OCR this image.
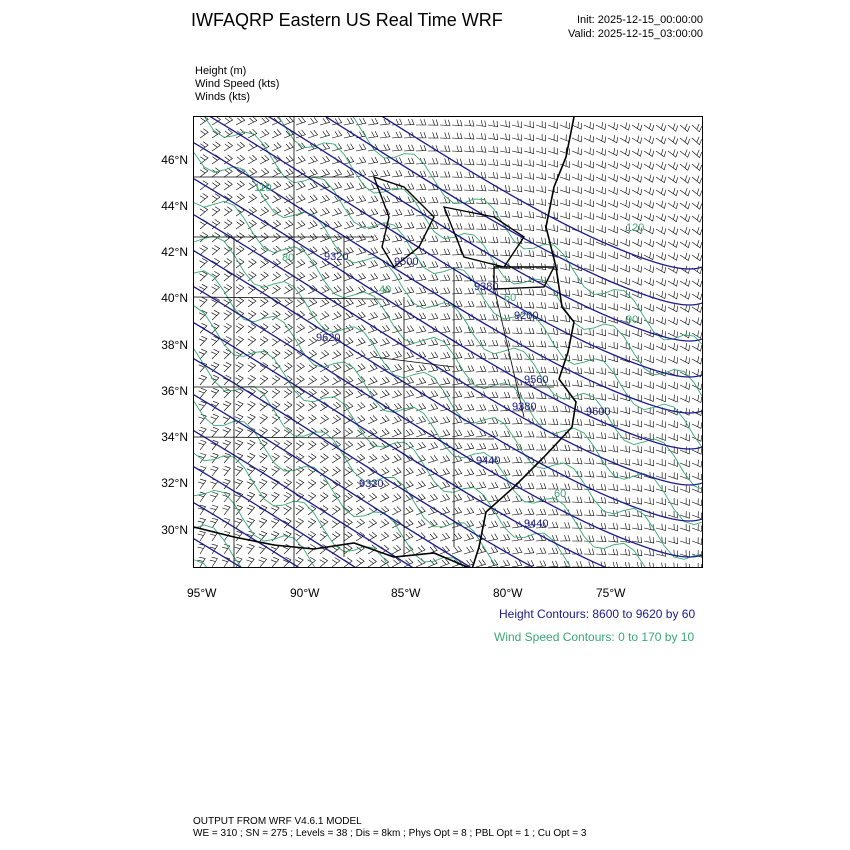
IWFAQRP Eastern US Real Time WRF	Init: 2025-12-15_00:00:00
Valid: 2025-12-15_03:00:00
Height (m)
Wind Speed (kts)
Winds (kts)
9320	9500
9380
9620
9200
9560
9600
9380
9440
9320
9440
110
80
40
60
120
90
60
46°N
44°N
42°N
40°N
38°N
36°N
34°N
32°N
30°N
95°W	90°W	85°W	80°W	75°W
Height Contours: 8600 to 9620 by 60
Wind Speed Contours: 0 to 170 by 10
OUTPUT FROM WRF V4.6.1 MODEL
WE = 310 ; SN = 275 ; Levels = 38 ; Dis = 8km ; Phys Opt = 8 ; PBL Opt = 1 ; Cu Opt = 3
